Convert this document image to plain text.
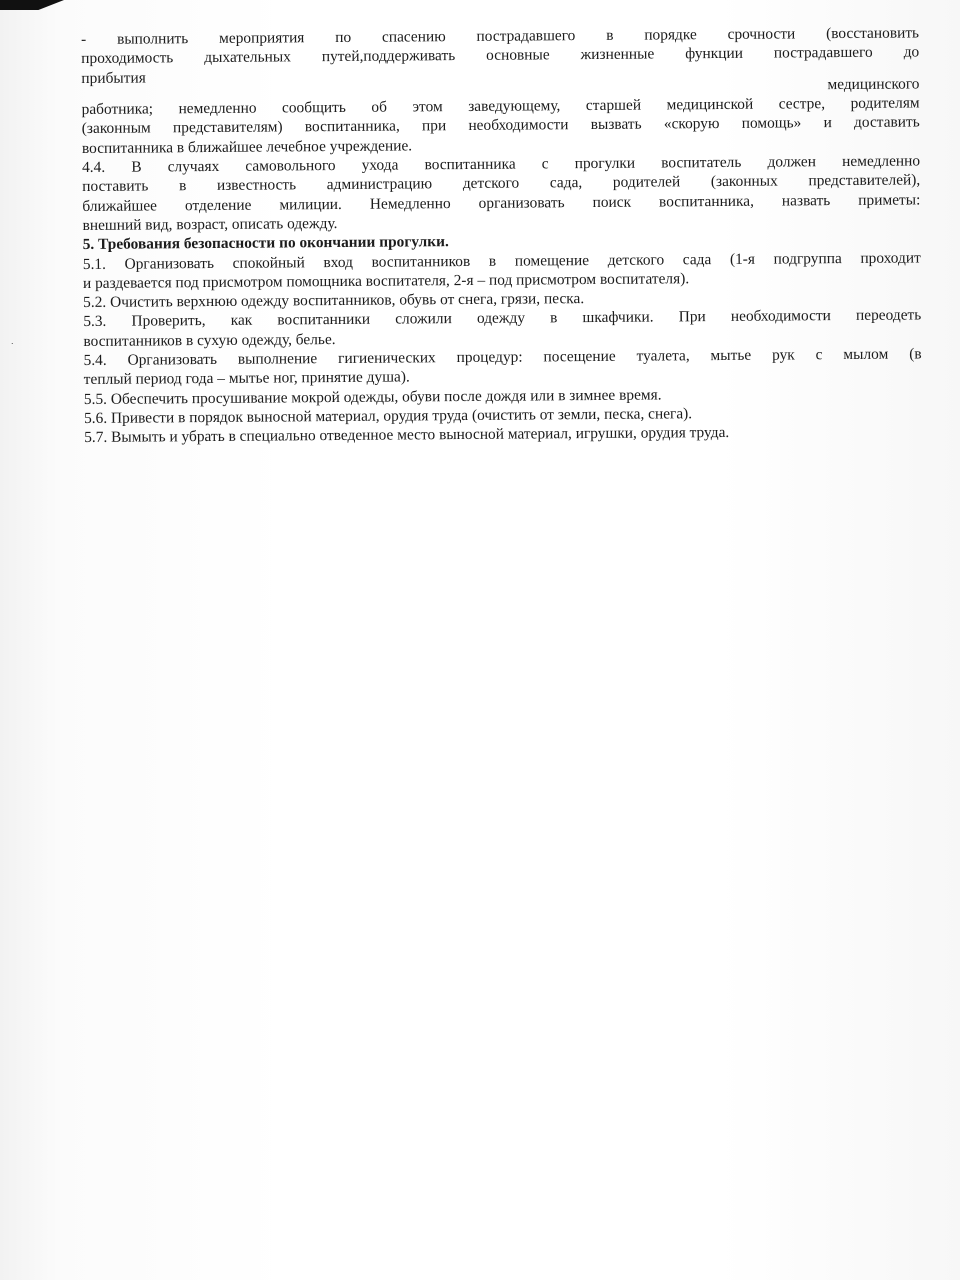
˙
- выполнить мероприятия по спасению пострадавшего в порядке срочности (восстановить
проходимость дыхательных путей,поддерживать основные жизненные функции пострадавшего до
прибытия	медицинского
работника; немедленно сообщить об этом заведующему, старшей медицинской сестре, родителям
(законным представителям) воспитанника, при необходимости вызвать «скорую помощь» и доставить
воспитанника в ближайшее лечебное учреждение.
4.4. В случаях самовольного ухода воспитанника с прогулки воспитатель должен немедленно
поставить в известность администрацию детского сада, родителей (законных представителей),
ближайшее отделение милиции. Немедленно организовать поиск воспитанника, назвать приметы:
внешний вид, возраст, описать одежду.
5. Требования безопасности по окончании прогулки.
5.1. Организовать спокойный вход воспитанников в помещение детского сада (1-я подгруппа проходит
и раздевается под присмотром помощника воспитателя, 2-я – под присмотром воспитателя).
5.2. Очистить верхнюю одежду воспитанников, обувь от снега, грязи, песка.
5.3. Проверить, как воспитанники сложили одежду в шкафчики. При необходимости переодеть
воспитанников в сухую одежду, белье.
5.4. Организовать выполнение гигиенических процедур: посещение туалета, мытье рук с мылом (в
теплый период года – мытье ног, принятие душа).
5.5. Обеспечить просушивание мокрой одежды, обуви после дождя или в зимнее время.
5.6. Привести в порядок выносной материал, орудия труда (очистить от земли, песка, снега).
5.7. Вымыть и убрать в специально отведенное место выносной материал, игрушки, орудия труда.
